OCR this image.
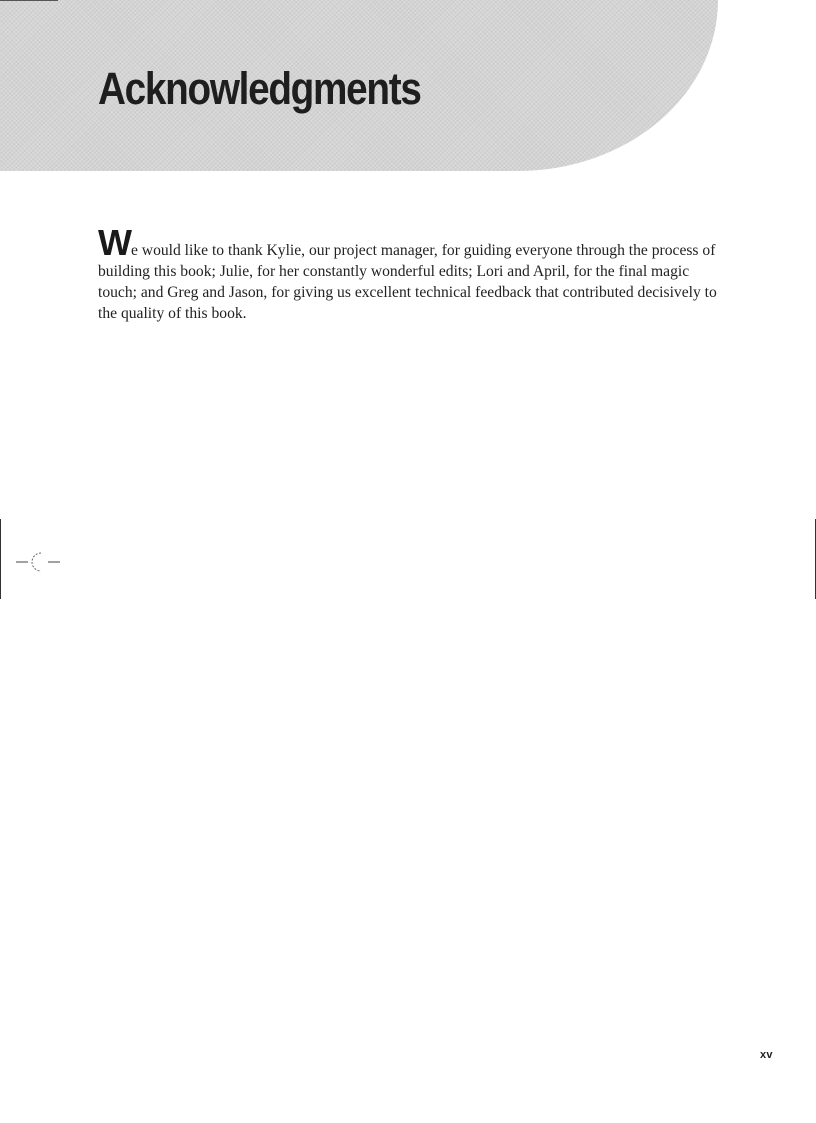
Acknowledgments

We would like to thank Kylie, our project manager, for guiding everyone through the process of building this book; Julie, for her constantly wonderful edits; Lori and April, for the final magic touch; and Greg and Jason, for giving us excellent technical feedback that contributed decisively to the quality of this book.

xv
